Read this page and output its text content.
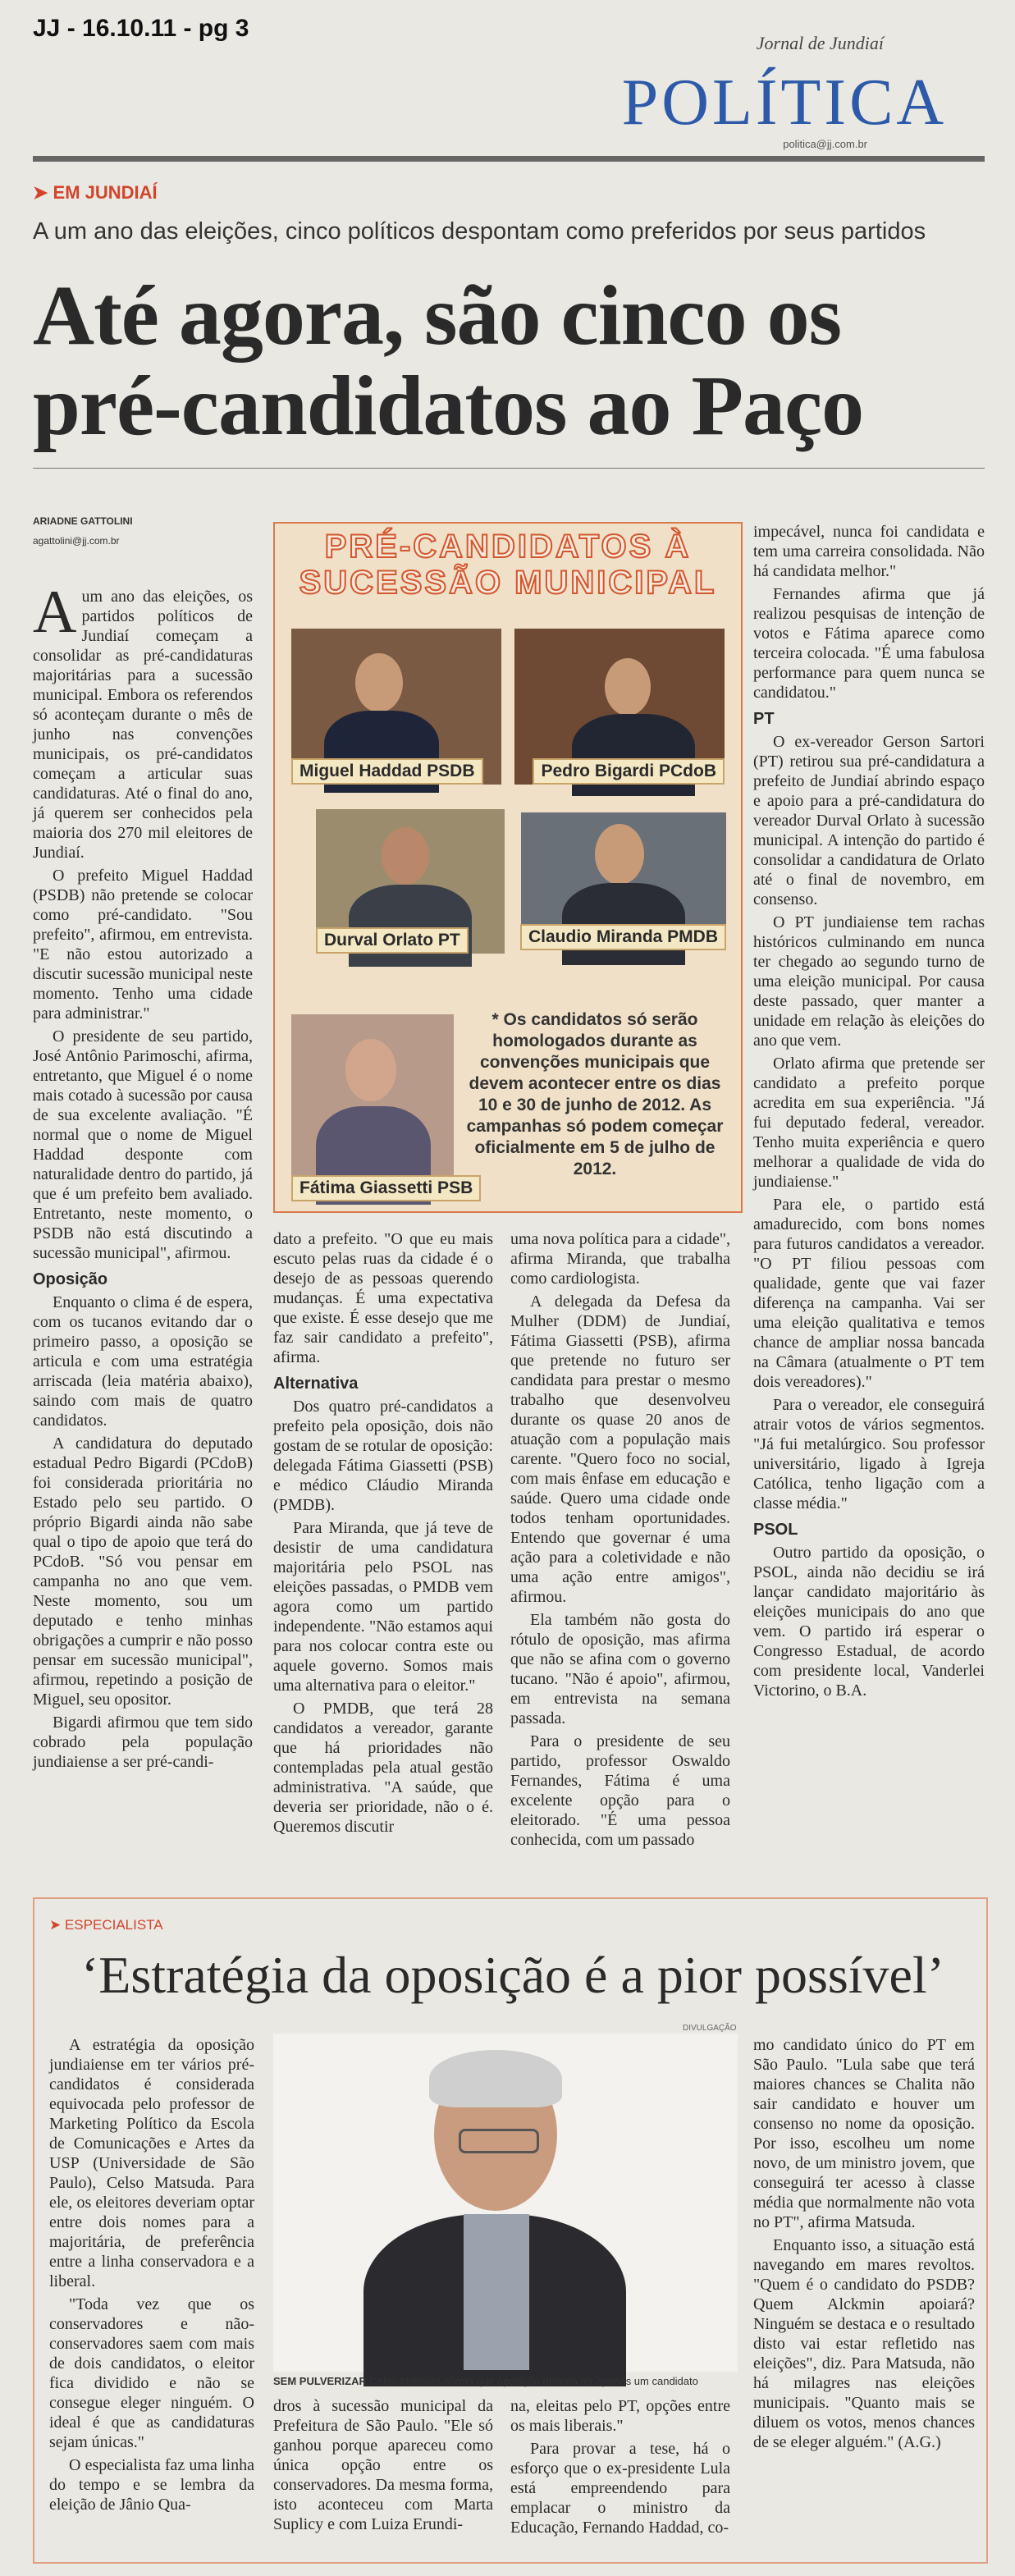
JJ - 16.10.11 - pg 3
Jornal de Jundiaí
POLÍTICA
politica@jj.com.br
➤ EM JUNDIAÍ
A um ano das eleições, cinco políticos despontam como preferidos por seus partidos
Até agora, são cinco os
pré-candidatos ao Paço
ARIADNE GATTOLINI
agattolini@jj.com.br

Aum ano das eleições, os partidos políticos de Jundiaí começam a consolidar as pré-candidaturas majoritárias para a sucessão municipal. Embora os referendos só aconteçam durante o mês de junho nas convenções municipais, os pré-candidatos começam a articular suas candidaturas. Até o final do ano, já querem ser conhecidos pela maioria dos 270 mil eleitores de Jundiaí.

O prefeito Miguel Haddad (PSDB) não pretende se colocar como pré-candidato. "Sou prefeito", afirmou, em entrevista. "E não estou autorizado a discutir sucessão municipal neste momento. Tenho uma cidade para administrar."

O presidente de seu partido, José Antônio Parimoschi, afirma, entretanto, que Miguel é o nome mais cotado à sucessão por causa de sua excelente avaliação. "É normal que o nome de Miguel Haddad desponte com naturalidade dentro do partido, já que é um prefeito bem avaliado. Entretanto, neste momento, o PSDB não está discutindo a sucessão municipal", afirmou.

Oposição

Enquanto o clima é de espera, com os tucanos evitando dar o primeiro passo, a oposição se articula e com uma estratégia arriscada (leia matéria abaixo), saindo com mais de quatro candidatos.

A candidatura do deputado estadual Pedro Bigardi (PCdoB) foi considerada prioritária no Estado pelo seu partido. O próprio Bigardi ainda não sabe qual o tipo de apoio que terá do PCdoB. "Só vou pensar em campanha no ano que vem. Neste momento, sou um deputado e tenho minhas obrigações a cumprir e não posso pensar em sucessão municipal", afirmou, repetindo a posição de Miguel, seu opositor.

Bigardi afirmou que tem sido cobrado pela população jundiaiense a ser pré-candi-

PRÉ-CANDIDATOS À
SUCESSÃO MUNICIPAL
Miguel Haddad PSDB	Pedro Bigardi PCdoB
Durval Orlato PT	Claudio Miranda PMDB
Fátima Giassetti PSB
* Os candidatos só serão homologados durante as convenções municipais que devem acontecer entre os dias 10 e 30 de junho de 2012. As campanhas só podem começar oficialmente em 5 de julho de 2012.

dato a prefeito. "O que eu mais escuto pelas ruas da cidade é o desejo de as pessoas querendo mudanças. É uma expectativa que existe. É esse desejo que me faz sair candidato a prefeito", afirma.

Alternativa

Dos quatro pré-candidatos a prefeito pela oposição, dois não gostam de se rotular de oposição: delegada Fátima Giassetti (PSB) e médico Cláudio Miranda (PMDB).

Para Miranda, que já teve de desistir de uma candidatura majoritária pelo PSOL nas eleições passadas, o PMDB vem agora como um partido independente. "Não estamos aqui para nos colocar contra este ou aquele governo. Somos mais uma alternativa para o eleitor."

O PMDB, que terá 28 candidatos a vereador, garante que há prioridades não contempladas pela atual gestão administrativa. "A saúde, que deveria ser prioridade, não o é. Queremos discutir

uma nova política para a cidade", afirma Miranda, que trabalha como cardiologista.

A delegada da Defesa da Mulher (DDM) de Jundiaí, Fátima Giassetti (PSB), afirma que pretende no futuro ser candidata para prestar o mesmo trabalho que desenvolveu durante os quase 20 anos de atuação com a população mais carente. "Quero foco no social, com mais ênfase em educação e saúde. Quero uma cidade onde todos tenham oportunidades. Entendo que governar é uma ação para a coletividade e não uma ação entre amigos", afirmou.

Ela também não gosta do rótulo de oposição, mas afirma que não se afina com o governo tucano. "Não é apoio", afirmou, em entrevista na semana passada.

Para o presidente de seu partido, professor Oswaldo Fernandes, Fátima é uma excelente opção para o eleitorado. "É uma pessoa conhecida, com um passado

impecável, nunca foi candidata e tem uma carreira consolidada. Não há candidata melhor."

Fernandes afirma que já realizou pesquisas de intenção de votos e Fátima aparece como terceira colocada. "É uma fabulosa performance para quem nunca se candidatou."

PT

O ex-vereador Gerson Sartori (PT) retirou sua pré-candidatura a prefeito de Jundiaí abrindo espaço e apoio para a pré-candidatura do vereador Durval Orlato à sucessão municipal. A intenção do partido é consolidar a candidatura de Orlato até o final de novembro, em consenso.

O PT jundiaiense tem rachas históricos culminando em nunca ter chegado ao segundo turno de uma eleição municipal. Por causa deste passado, quer manter a unidade em relação às eleições do ano que vem.

Orlato afirma que pretende ser candidato a prefeito porque acredita em sua experiência. "Já fui deputado federal, vereador. Tenho muita experiência e quero melhorar a qualidade de vida do jundiaiense."

Para ele, o partido está amadurecido, com bons nomes para futuros candidatos a vereador. "O PT filiou pessoas com qualidade, gente que vai fazer diferença na campanha. Vai ser uma eleição qualitativa e temos chance de ampliar nossa bancada na Câmara (atualmente o PT tem dois vereadores)."

Para o vereador, ele conseguirá atrair votos de vários segmentos. "Já fui metalúrgico. Sou professor universitário, ligado à Igreja Católica, tenho ligação com a classe média."

PSOL

Outro partido da oposição, o PSOL, ainda não decidiu se irá lançar candidato majoritário às eleições municipais do ano que vem. O partido irá esperar o Congresso Estadual, de acordo com presidente local, Vanderlei Victorino, o B.A.

➤ ESPECIALISTA
‘Estratégia da oposição é a pior possível’
DIVULGAÇÃO

A estratégia da oposição jundiaiense em ter vários pré-candidatos é considerada equivocada pelo professor de Marketing Político da Escola de Comunicações e Artes da USP (Universidade de São Paulo), Celso Matsuda. Para ele, os eleitores deveriam optar entre dois nomes para a majoritária, de preferência entre a linha conservadora e a liberal.

"Toda vez que os conservadores e não-conservadores saem com mais de dois candidatos, o eleitor fica dividido e não se consegue eleger ninguém. O ideal é que as candidaturas sejam únicas."

O especialista faz uma linha do tempo e se lembra da eleição de Jânio Qua-

SEM PULVERIZAR Celso Matsuda afirma que oposição deveria ter apenas um candidato

dros à sucessão municipal da Prefeitura de São Paulo. "Ele só ganhou porque apareceu como única opção entre os conservadores. Da mesma forma, isto aconteceu com Marta Suplicy e com Luiza Erundi-

na, eleitas pelo PT, opções entre os mais liberais."

Para provar a tese, há o esforço que o ex-presidente Lula está empreendendo para emplacar o ministro da Educação, Fernando Haddad, co-

mo candidato único do PT em São Paulo. "Lula sabe que terá maiores chances se Chalita não sair candidato e houver um consenso no nome da oposição. Por isso, escolheu um nome novo, de um ministro jovem, que conseguirá ter acesso à classe média que normalmente não vota no PT", afirma Matsuda.

Enquanto isso, a situação está navegando em mares revoltos. "Quem é o candidato do PSDB? Quem Alckmin apoiará? Ninguém se destaca e o resultado disto vai estar refletido nas eleições", diz. Para Matsuda, não há milagres nas eleições municipais. "Quanto mais se diluem os votos, menos chances de se eleger alguém." (A.G.)
